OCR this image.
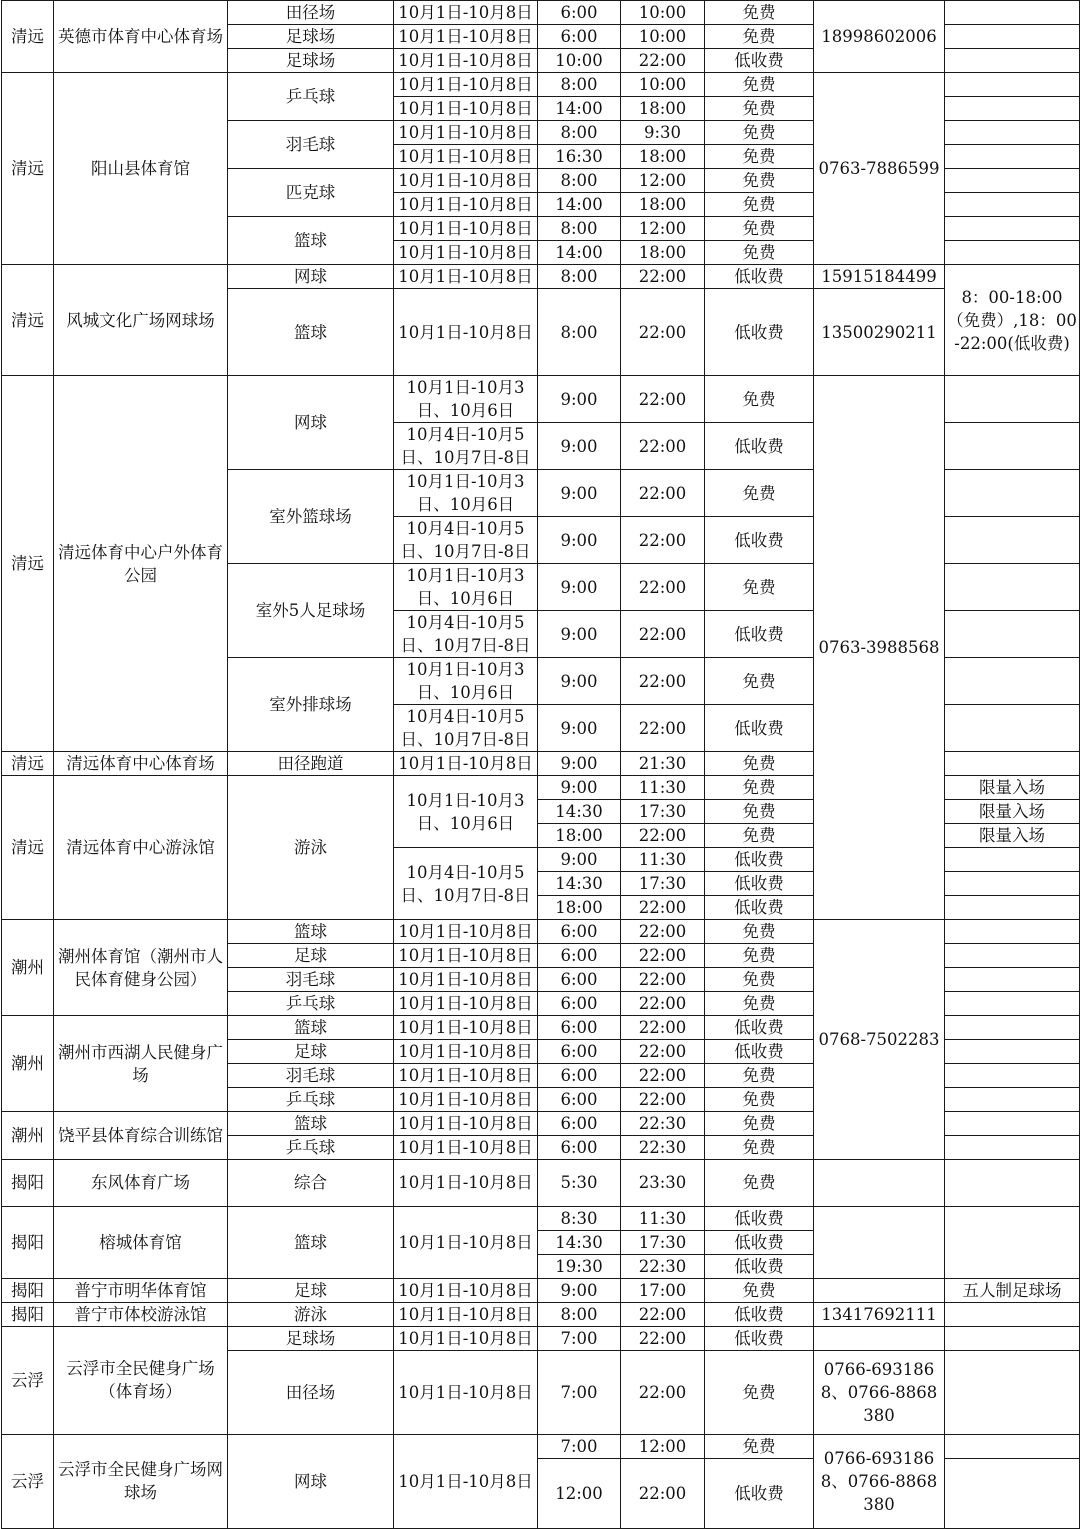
清远	英德市体育中心体育场	田径场	10月1日-10月8日	6:00	10:00	免费	18998602006	
		足球场	10月1日-10月8日	6:00	10:00	免费		
		足球场	10月1日-10月8日	10:00	22:00	低收费		
清远	阳山县体育馆	乒乓球	10月1日-10月8日	8:00	10:00	免费	0763-7886599	
			10月1日-10月8日	14:00	18:00	免费		
		羽毛球	10月1日-10月8日	8:00	9:30	免费		
			10月1日-10月8日	16:30	18:00	免费		
		匹克球	10月1日-10月8日	8:00	12:00	免费		
			10月1日-10月8日	14:00	18:00	免费		
		篮球	10月1日-10月8日	8:00	12:00	免费		
			10月1日-10月8日	14:00	18:00	免费		
清远	风城文化广场网球场	网球	10月1日-10月8日	8:00	22:00	低收费	15915184499	8：00-18:00（免费）,18：00-22:00(低收费)
		篮球	10月1日-10月8日	8:00	22:00	低收费	13500290211	
清远	清远体育中心户外体育公园	网球	10月1日-10月3日、10月6日	9:00	22:00	免费	0763-3988568	
			10月4日-10月5日、10月7日-8日	9:00	22:00	低收费		
		室外篮球场	10月1日-10月3日、10月6日	9:00	22:00	免费		
			10月4日-10月5日、10月7日-8日	9:00	22:00	低收费		
		室外5人足球场	10月1日-10月3日、10月6日	9:00	22:00	免费		
			10月4日-10月5日、10月7日-8日	9:00	22:00	低收费		
		室外排球场	10月1日-10月3日、10月6日	9:00	22:00	免费		
			10月4日-10月5日、10月7日-8日	9:00	22:00	低收费		
清远	清远体育中心体育场	田径跑道	10月1日-10月8日	9:00	21:30	免费		
清远	清远体育中心游泳馆	游泳	10月1日-10月3日、10月6日	9:00	11:30	免费		限量入场
				14:30	17:30	免费		限量入场
				18:00	22:00	免费		限量入场
			10月4日-10月5日、10月7日-8日	9:00	11:30	低收费		
				14:30	17:30	低收费		
				18:00	22:00	低收费		
潮州	潮州体育馆（潮州市人民体育健身公园）	篮球	10月1日-10月8日	6:00	22:00	免费	0768-7502283	
		足球	10月1日-10月8日	6:00	22:00	免费		
		羽毛球	10月1日-10月8日	6:00	22:00	免费		
		乒乓球	10月1日-10月8日	6:00	22:00	免费		
潮州	潮州市西湖人民健身广场	篮球	10月1日-10月8日	6:00	22:00	低收费		
		足球	10月1日-10月8日	6:00	22:00	低收费		
		羽毛球	10月1日-10月8日	6:00	22:00	免费		
		乒乓球	10月1日-10月8日	6:00	22:00	免费		
潮州	饶平县体育综合训练馆	篮球	10月1日-10月8日	6:00	22:30	免费		
		乒乓球	10月1日-10月8日	6:00	22:30	免费		
揭阳	东风体育广场	综合	10月1日-10月8日	5:30	23:30	免费		
揭阳	榕城体育馆	篮球	10月1日-10月8日	8:30	11:30	低收费		
				14:30	17:30	低收费		
				19:30	22:30	低收费		
揭阳	普宁市明华体育馆	足球	10月1日-10月8日	9:00	17:00	免费		五人制足球场
揭阳	普宁市体校游泳馆	游泳	10月1日-10月8日	8:00	22:00	低收费	13417692111	
云浮	云浮市全民健身广场（体育场）	足球场	10月1日-10月8日	7:00	22:00	低收费		
		田径场	10月1日-10月8日	7:00	22:00	免费	0766-6931868、0766-8868380	
云浮	云浮市全民健身广场网球场	网球	10月1日-10月8日	7:00	12:00	免费	0766-6931868、0766-8868380	
				12:00	22:00	低收费		
